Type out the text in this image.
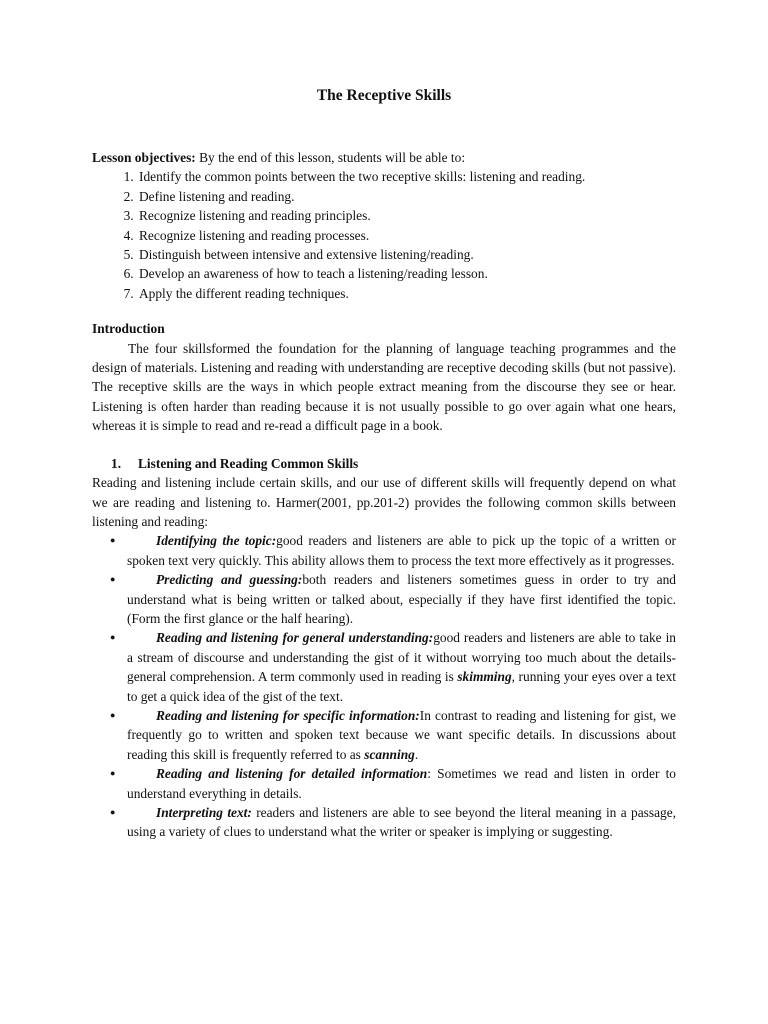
The Receptive Skills

Lesson objectives: By the end of this lesson, students will be able to:

1. Identify the common points between the two receptive skills: listening and reading.
2. Define listening and reading.
3. Recognize listening and reading principles.
4. Recognize listening and reading processes.
5. Distinguish between intensive and extensive listening/reading.
6. Develop an awareness of how to teach a listening/reading lesson.
7. Apply the different reading techniques.

Introduction

The four skillsformed the foundation for the planning of language teaching programmes and the design of materials. Listening and reading with understanding are receptive decoding skills (but not passive). The receptive skills are the ways in which people extract meaning from the discourse they see or hear. Listening is often harder than reading because it is not usually possible to go over again what one hears, whereas it is simple to read and re-read a difficult page in a book.

1. Listening and Reading Common Skills

Reading and listening include certain skills, and our use of different skills will frequently depend on what we are reading and listening to. Harmer(2001, pp.201-2) provides the following common skills between listening and reading:

●	Identifying the topic:good readers and listeners are able to pick up the topic of a written or spoken text very quickly. This ability allows them to process the text more effectively as it progresses.
●	Predicting and guessing:both readers and listeners sometimes guess in order to try and understand what is being written or talked about, especially if they have first identified the topic. (Form the first glance or the half hearing).
●	Reading and listening for general understanding:good readers and listeners are able to take in a stream of discourse and understanding the gist of it without worrying too much about the details- general comprehension. A term commonly used in reading is skimming, running your eyes over a text to get a quick idea of the gist of the text.
●	Reading and listening for specific information:In contrast to reading and listening for gist, we frequently go to written and spoken text because we want specific details. In discussions about reading this skill is frequently referred to as scanning.
●	Reading and listening for detailed information: Sometimes we read and listen in order to understand everything in details.
●	Interpreting text: readers and listeners are able to see beyond the literal meaning in a passage, using a variety of clues to understand what the writer or speaker is implying or suggesting.
